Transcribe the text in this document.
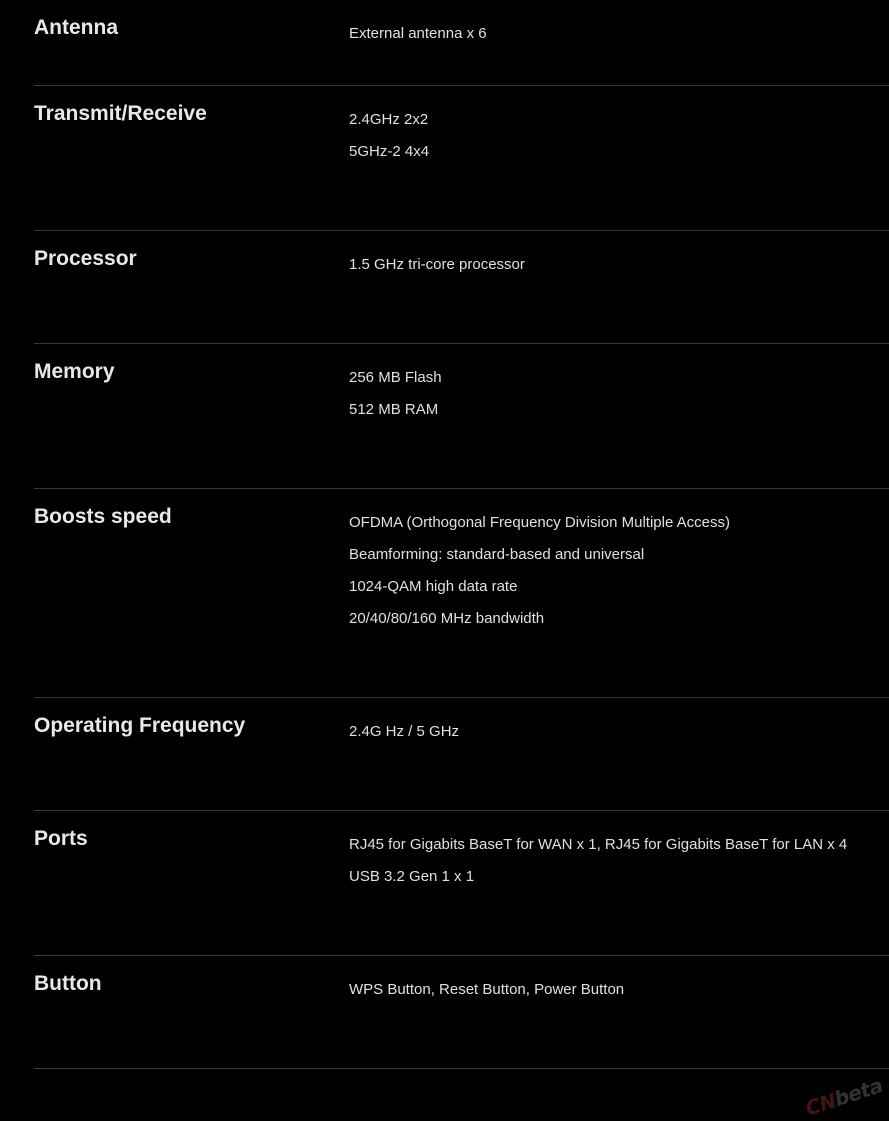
Antenna	External antenna x 6
Transmit/Receive	2.4GHz 2x2
5GHz-2 4x4
Processor	1.5 GHz tri-core processor
Memory	256 MB Flash
512 MB RAM
Boosts speed	OFDMA (Orthogonal Frequency Division Multiple Access)
Beamforming: standard-based and universal
1024-QAM high data rate
20/40/80/160 MHz bandwidth
Operating Frequency	2.4G Hz / 5 GHz
Ports	RJ45 for Gigabits BaseT for WAN x 1, RJ45 for Gigabits BaseT for LAN x 4
USB 3.2 Gen 1 x 1
Button	WPS Button, Reset Button, Power Button
CNbeta
